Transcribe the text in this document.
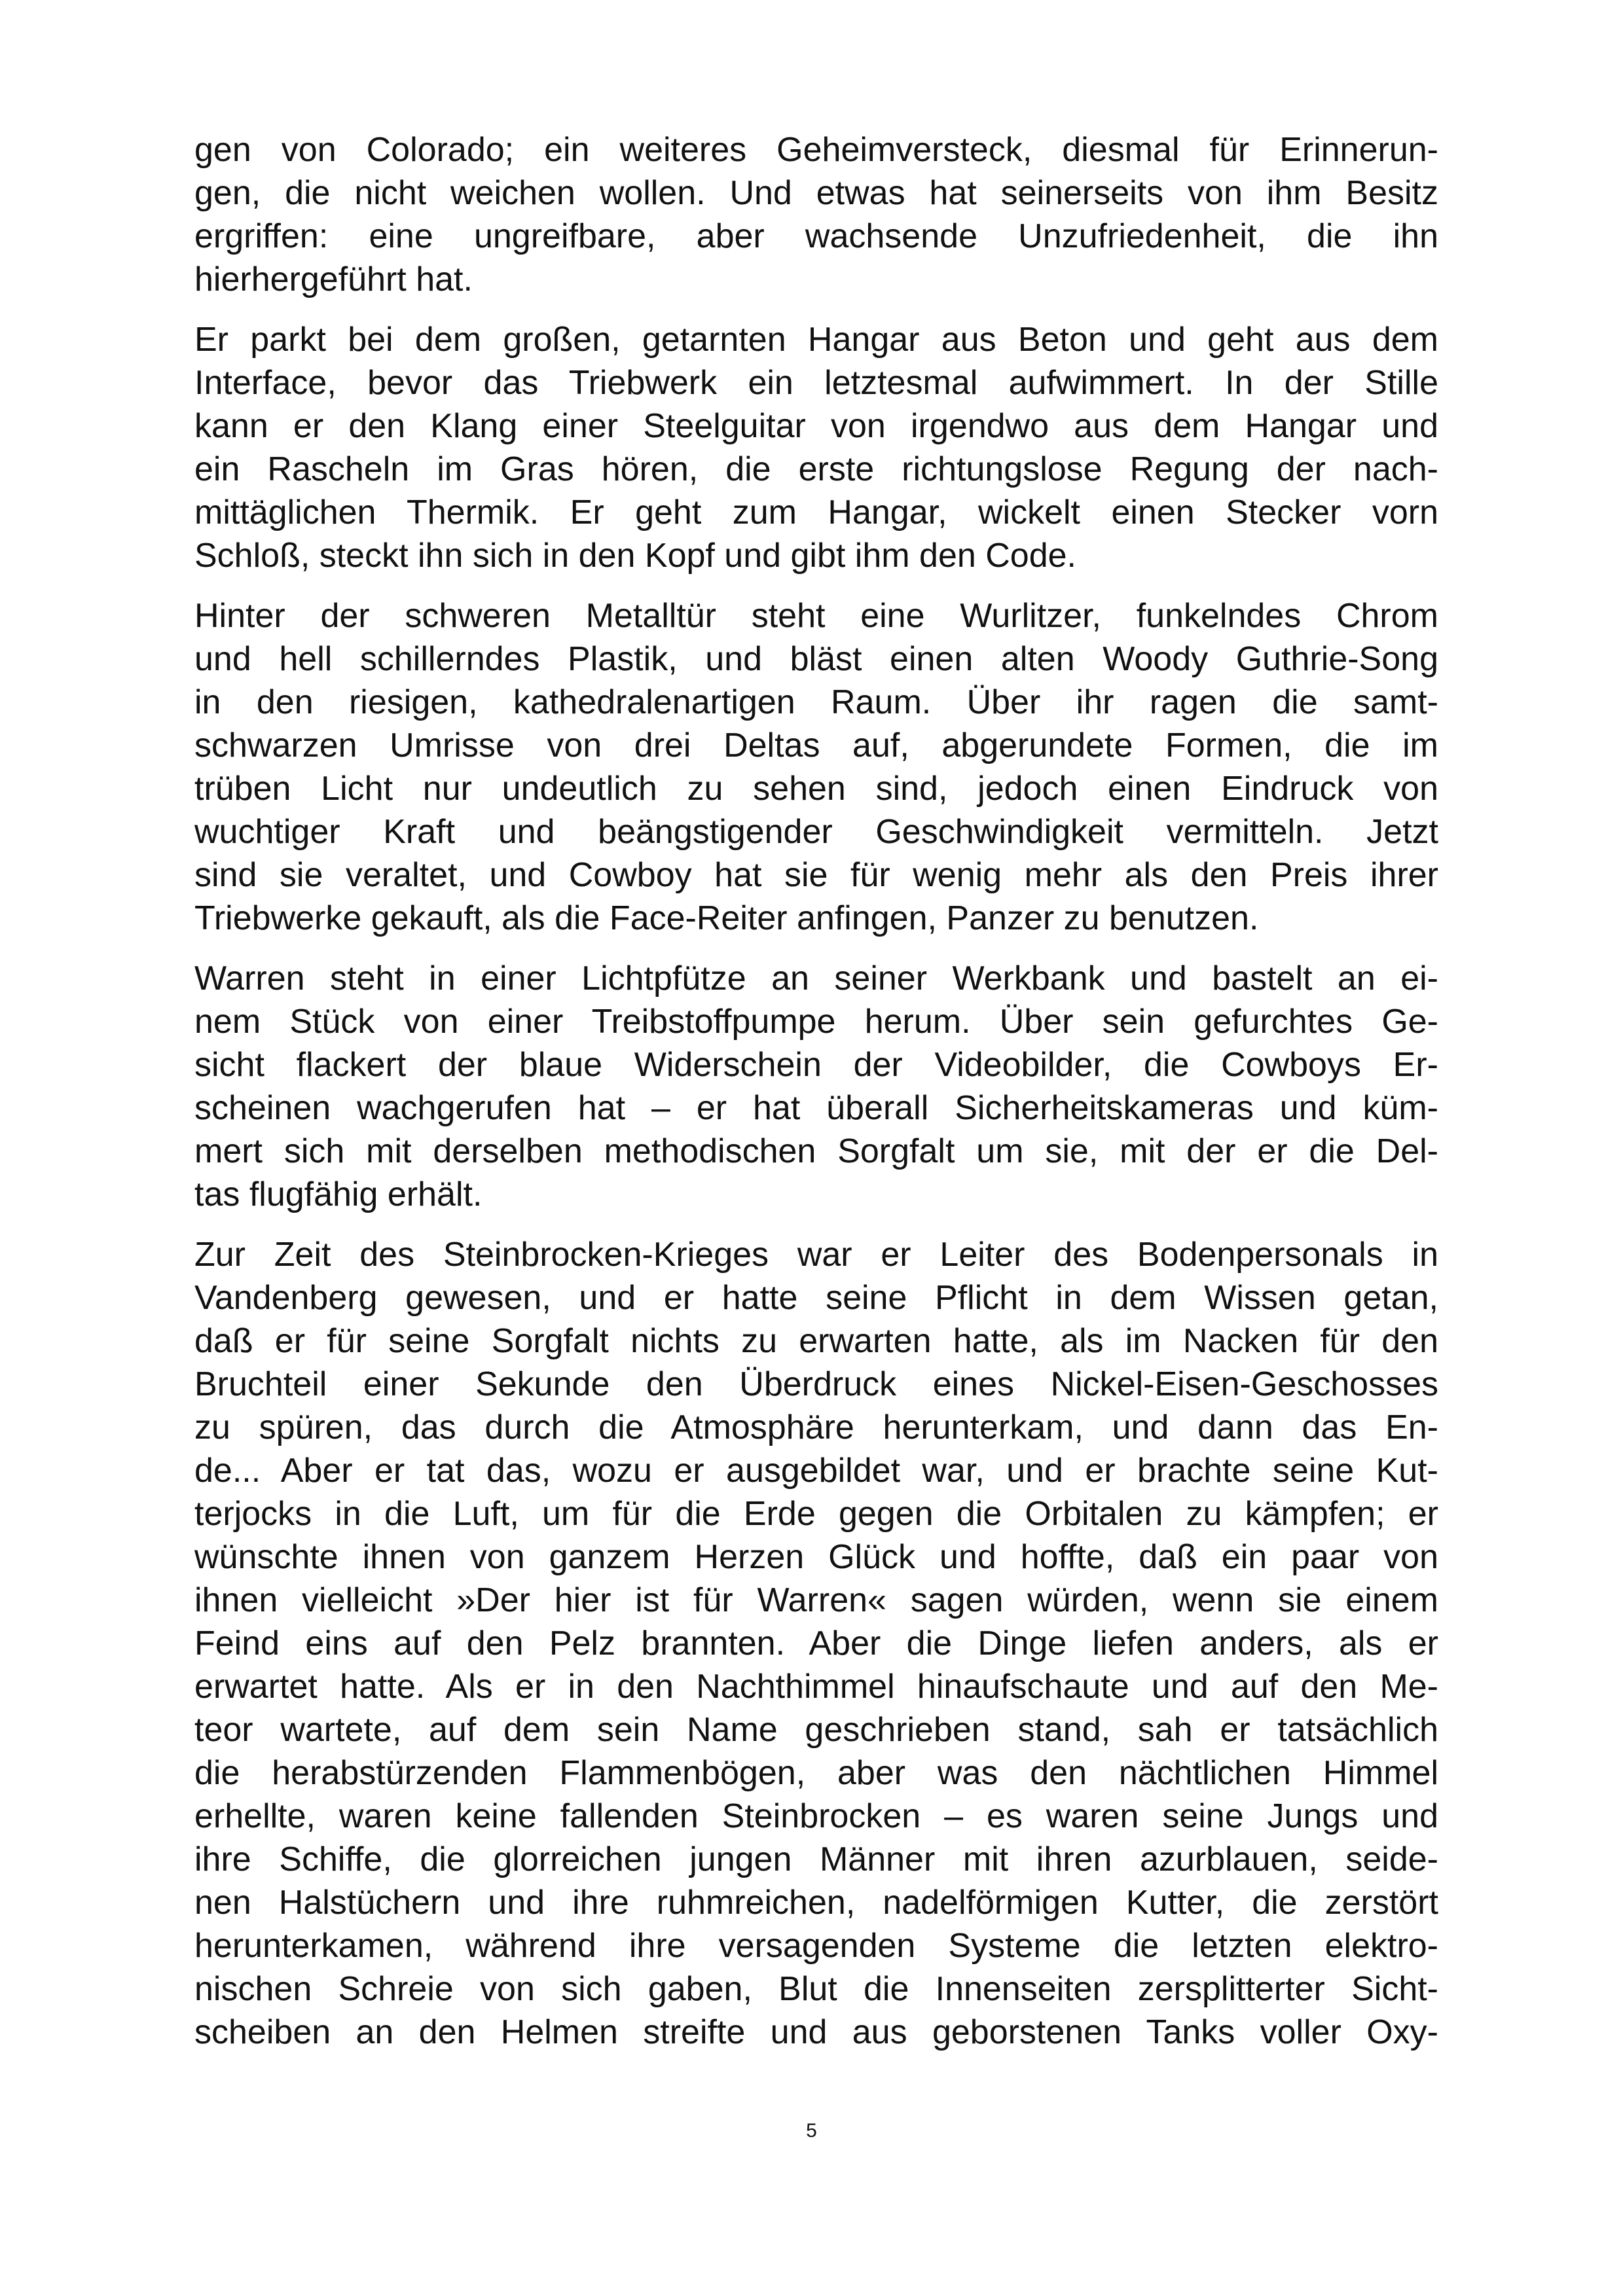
gen von Colorado; ein weiteres Geheimversteck, diesmal für Erinnerun-
gen, die nicht weichen wollen. Und etwas hat seinerseits von ihm Besitz
ergriffen: eine ungreifbare, aber wachsende Unzufriedenheit, die ihn
hierhergeführt hat.
Er parkt bei dem großen, getarnten Hangar aus Beton und geht aus dem
Interface, bevor das Triebwerk ein letztesmal aufwimmert. In der Stille
kann er den Klang einer Steelguitar von irgendwo aus dem Hangar und
ein Rascheln im Gras hören, die erste richtungslose Regung der nach-
mittäglichen Thermik. Er geht zum Hangar, wickelt einen Stecker vorn
Schloß, steckt ihn sich in den Kopf und gibt ihm den Code.
Hinter der schweren Metalltür steht eine Wurlitzer, funkelndes Chrom
und hell schillerndes Plastik, und bläst einen alten Woody Guthrie-Song
in den riesigen, kathedralenartigen Raum. Über ihr ragen die samt-
schwarzen Umrisse von drei Deltas auf, abgerundete Formen, die im
trüben Licht nur undeutlich zu sehen sind, jedoch einen Eindruck von
wuchtiger Kraft und beängstigender Geschwindigkeit vermitteln. Jetzt
sind sie veraltet, und Cowboy hat sie für wenig mehr als den Preis ihrer
Triebwerke gekauft, als die Face-Reiter anfingen, Panzer zu benutzen.
Warren steht in einer Lichtpfütze an seiner Werkbank und bastelt an ei-
nem Stück von einer Treibstoffpumpe herum. Über sein gefurchtes Ge-
sicht flackert der blaue Widerschein der Videobilder, die Cowboys Er-
scheinen wachgerufen hat – er hat überall Sicherheitskameras und küm-
mert sich mit derselben methodischen Sorgfalt um sie, mit der er die Del-
tas flugfähig erhält.
Zur Zeit des Steinbrocken-Krieges war er Leiter des Bodenpersonals in
Vandenberg gewesen, und er hatte seine Pflicht in dem Wissen getan,
daß er für seine Sorgfalt nichts zu erwarten hatte, als im Nacken für den
Bruchteil einer Sekunde den Überdruck eines Nickel-Eisen-Geschosses
zu spüren, das durch die Atmosphäre herunterkam, und dann das En-
de... Aber er tat das, wozu er ausgebildet war, und er brachte seine Kut-
terjocks in die Luft, um für die Erde gegen die Orbitalen zu kämpfen; er
wünschte ihnen von ganzem Herzen Glück und hoffte, daß ein paar von
ihnen vielleicht »Der hier ist für Warren« sagen würden, wenn sie einem
Feind eins auf den Pelz brannten. Aber die Dinge liefen anders, als er
erwartet hatte. Als er in den Nachthimmel hinaufschaute und auf den Me-
teor wartete, auf dem sein Name geschrieben stand, sah er tatsächlich
die herabstürzenden Flammenbögen, aber was den nächtlichen Himmel
erhellte, waren keine fallenden Steinbrocken – es waren seine Jungs und
ihre Schiffe, die glorreichen jungen Männer mit ihren azurblauen, seide-
nen Halstüchern und ihre ruhmreichen, nadelförmigen Kutter, die zerstört
herunterkamen, während ihre versagenden Systeme die letzten elektro-
nischen Schreie von sich gaben, Blut die Innenseiten zersplitterter Sicht-
scheiben an den Helmen streifte und aus geborstenen Tanks voller Oxy-
5
